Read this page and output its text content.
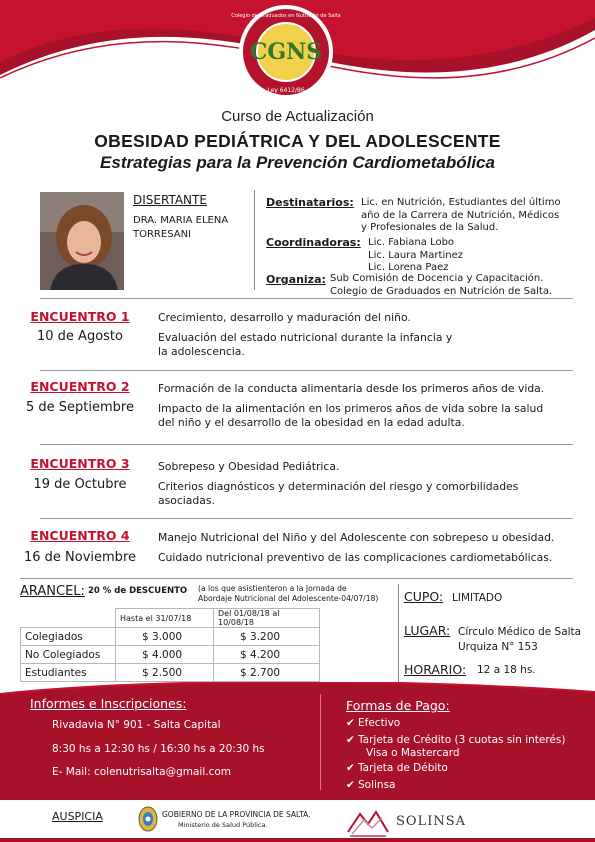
CGNS
Colegio de Graduados en Nutrición de Salta
Ley 6412/86
Curso de Actualización
OBESIDAD PEDIÁTRICA Y DEL ADOLESCENTE
Estrategias para la Prevención Cardiometabólica
DISERTANTE
DRA. MARIA ELENA
TORRESANI
Destinatarios: Lic. en Nutrición, Estudiantes del último
año de la Carrera de Nutrición, Médicos
y Profesionales de la Salud.
Coordinadoras: Lic. Fabiana Lobo
Lic. Laura Martinez
Lic. Lorena Paez
Organiza: Sub Comisión de Docencia y Capacitación.
Colegio de Graduados en Nutrición de Salta.
ENCUENTRO 1
10 de Agosto
Crecimiento, desarrollo y maduración del niño.
Evaluación del estado nutricional durante la infancia y
la adolescencia.
ENCUENTRO 2
5 de Septiembre
Formación de la conducta alimentaria desde los primeros años de vida.
Impacto de la alimentación en los primeros años de vida sobre la salud
del niño y el desarrollo de la obesidad en la edad adulta.
ENCUENTRO 3
19 de Octubre
Sobrepeso y Obesidad Pediátrica.
Criterios diagnósticos y determinación del riesgo y comorbilidades
asociadas.
ENCUENTRO 4
16 de Noviembre
Manejo Nutricional del Niño y del Adolescente con sobrepeso u obesidad.
Cuidado nutricional preventivo de las complicaciones cardiometabólicas.
ARANCEL: 20 % de DESCUENTO (a los que asistienteron a la Jornada de
Abordaje Nutricional del Adolescente-04/07/18)
	Hasta el 31/07/18	Del 01/08/18 al 10/08/18
Colegiados	$ 3.000	$ 3.200
No Colegiados	$ 4.000	$ 4.200
Estudiantes	$ 2.500	$ 2.700
CUPO: LIMITADO
LUGAR: Círculo Médico de Salta
Urquiza N° 153
HORARIO: 12 a 18 hs.
Informes e Inscripciones:
Rivadavia N° 901 - Salta Capital
8:30 hs a 12:30 hs / 16:30 hs a 20:30 hs
E- Mail: colenutrisalta@gmail.com
Formas de Pago:
✔ Efectivo
✔ Tarjeta de Crédito (3 cuotas sin interés)
Visa o Mastercard
✔ Tarjeta de Débito
✔ Solinsa
AUSPICIA	GOBIERNO DE LA PROVINCIA DE SALTA.
Ministerio de Salud Pública.	SOLINSA
